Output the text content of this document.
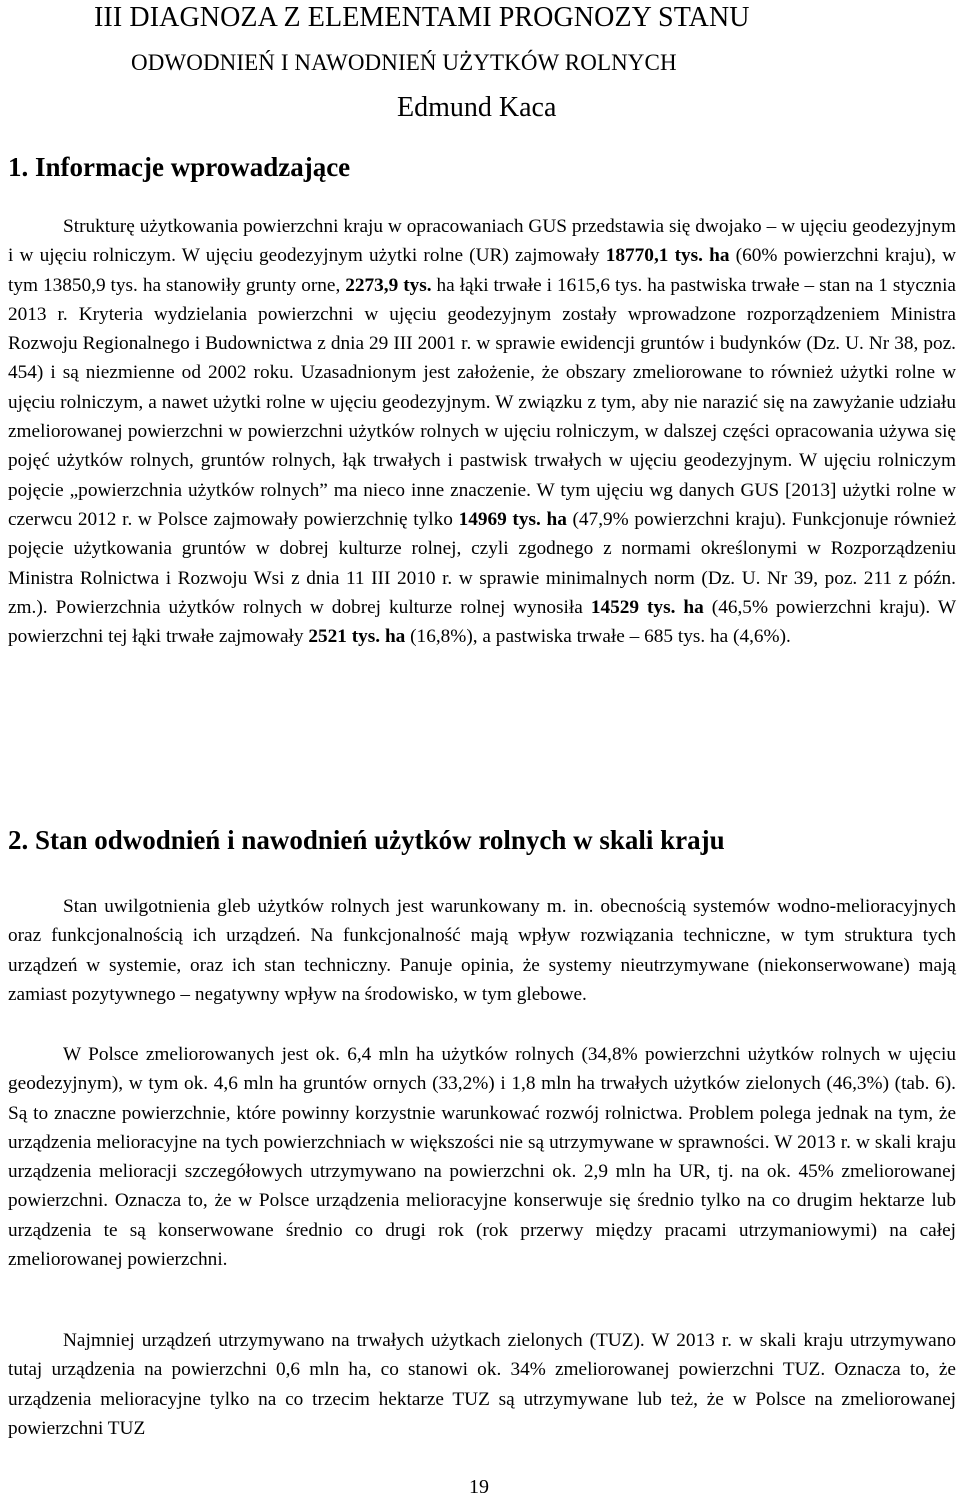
III DIAGNOZA Z ELEMENTAMI PROGNOZY STANU
ODWODNIEŃ I NAWODNIEŃ UŻYTKÓW ROLNYCH
Edmund Kaca
1. Informacje wprowadzające

Strukturę użytkowania powierzchni kraju w opracowaniach GUS przedstawia się dwojako – w ujęciu geodezyjnym i w ujęciu rolniczym. W ujęciu geodezyjnym użytki rolne (UR) zajmowały 18770,1 tys. ha (60% powierzchni kraju), w tym 13850,9 tys. ha stanowiły grunty orne, 2273,9 tys. ha łąki trwałe i 1615,6 tys. ha pastwiska trwałe – stan na 1 stycznia 2013 r. Kryteria wydzielania powierzchni w ujęciu geodezyjnym zostały wprowadzone rozporządzeniem Ministra Rozwoju Regionalnego i Budownictwa z dnia 29 III 2001 r. w sprawie ewidencji gruntów i budynków (Dz. U. Nr 38, poz. 454) i są niezmienne od 2002 roku. Uzasadnionym jest założenie, że obszary zmeliorowane to również użytki rolne w ujęciu rolniczym, a nawet użytki rolne w ujęciu geodezyjnym. W związku z tym, aby nie narazić się na zawyżanie udziału zmeliorowanej powierzchni w powierzchni użytków rolnych w ujęciu rolniczym, w dalszej części opracowania używa się pojęć użytków rolnych, gruntów rolnych, łąk trwałych i pastwisk trwałych w ujęciu geodezyjnym. W ujęciu rolniczym pojęcie „powierzchnia użytków rolnych” ma nieco inne znaczenie. W tym ujęciu wg danych GUS [2013] użytki rolne w czerwcu 2012 r. w Polsce zajmowały powierzchnię tylko 14969 tys. ha (47,9% powierzchni kraju). Funkcjonuje również pojęcie użytkowania gruntów w dobrej kulturze rolnej, czyli zgodnego z normami określonymi w Rozporządzeniu Ministra Rolnictwa i Rozwoju Wsi z dnia 11 III 2010 r. w sprawie minimalnych norm (Dz. U. Nr 39, poz. 211 z późn. zm.). Powierzchnia użytków rolnych w dobrej kulturze rolnej wynosiła 14529 tys. ha (46,5% powierzchni kraju). W powierzchni tej łąki trwałe zajmowały 2521 tys. ha (16,8%), a pastwiska trwałe – 685 tys. ha (4,6%).

2. Stan odwodnień i nawodnień użytków rolnych w skali kraju

Stan uwilgotnienia gleb użytków rolnych jest warunkowany m. in. obecnością systemów wodno-melioracyjnych oraz funkcjonalnością ich urządzeń. Na funkcjonalność mają wpływ rozwiązania techniczne, w tym struktura tych urządzeń w systemie, oraz ich stan techniczny. Panuje opinia, że systemy nieutrzymywane (niekonserwowane) mają zamiast pozytywnego – negatywny wpływ na środowisko, w tym glebowe.

W Polsce zmeliorowanych jest ok. 6,4 mln ha użytków rolnych (34,8% powierzchni użytków rolnych w ujęciu geodezyjnym), w tym ok. 4,6 mln ha gruntów ornych (33,2%) i 1,8 mln ha trwałych użytków zielonych (46,3%) (tab. 6). Są to znaczne powierzchnie, które powinny korzystnie warunkować rozwój rolnictwa. Problem polega jednak na tym, że urządzenia melioracyjne na tych powierzchniach w większości nie są utrzymywane w sprawności. W 2013 r. w skali kraju urządzenia melioracji szczegółowych utrzymywano na powierzchni ok. 2,9 mln ha UR, tj. na ok. 45% zmeliorowanej powierzchni. Oznacza to, że w Polsce urządzenia melioracyjne konserwuje się średnio tylko na co drugim hektarze lub urządzenia te są konserwowane średnio co drugi rok (rok przerwy między pracami utrzymaniowymi) na całej zmeliorowanej powierzchni.

Najmniej urządzeń utrzymywano na trwałych użytkach zielonych (TUZ). W 2013 r. w skali kraju utrzymywano tutaj urządzenia na powierzchni 0,6 mln ha, co stanowi ok. 34% zmeliorowanej powierzchni TUZ. Oznacza to, że urządzenia melioracyjne tylko na co trzecim hektarze TUZ są utrzymywane lub też, że w Polsce na zmeliorowanej powierzchni TUZ

19
